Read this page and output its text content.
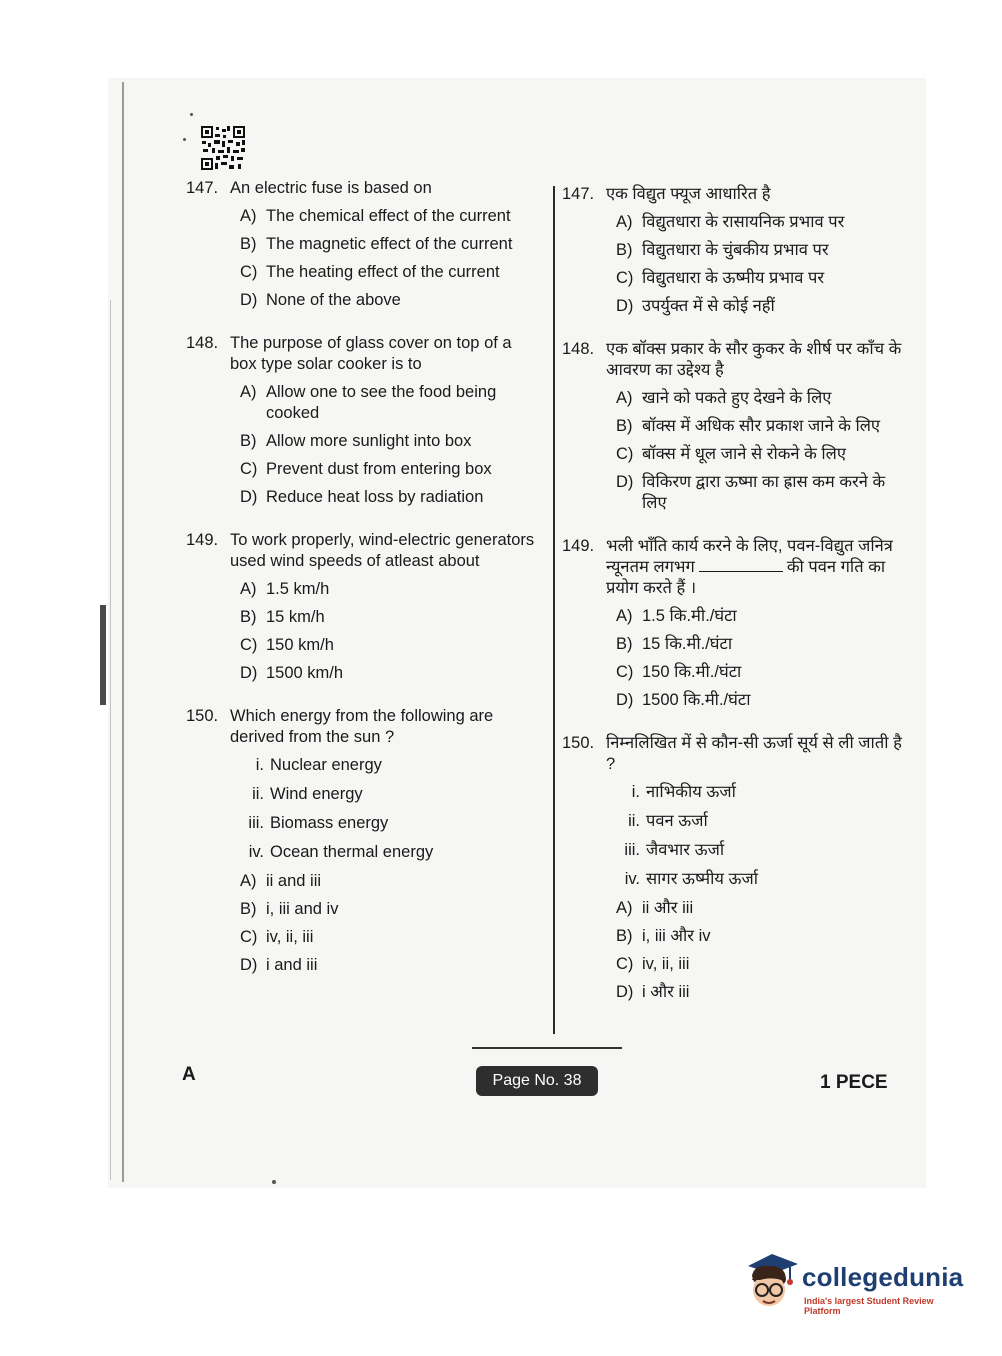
147. An electric fuse is based on
A) The chemical effect of the current
B) The magnetic effect of the current
C) The heating effect of the current
D) None of the above
148. The purpose of glass cover on top of a box type solar cooker is to
A) Allow one to see the food being cooked
B) Allow more sunlight into box
C) Prevent dust from entering box
D) Reduce heat loss by radiation
149. To work properly, wind-electric generators used wind speeds of atleast about
A) 1.5 km/h
B) 15 km/h
C) 150 km/h
D) 1500 km/h
150. Which energy from the following are derived from the sun ?
i. Nuclear energy
ii. Wind energy
iii. Biomass energy
iv. Ocean thermal energy
A) ii and iii
B) i, iii and iv
C) iv, ii, iii
D) i and iii
147. एक विद्युत फ्यूज आधारित है
A) विद्युतधारा के रासायनिक प्रभाव पर
B) विद्युतधारा के चुंबकीय प्रभाव पर
C) विद्युतधारा के ऊष्मीय प्रभाव पर
D) उपर्युक्त में से कोई नहीं
148. एक बॉक्स प्रकार के सौर कुकर के शीर्ष पर काँच के आवरण का उद्देश्य है
A) खाने को पकते हुए देखने के लिए
B) बॉक्स में अधिक सौर प्रकाश जाने के लिए
C) बॉक्स में धूल जाने से रोकने के लिए
D) विकिरण द्वारा ऊष्मा का ह्रास कम करने के लिए
149. भली भाँति कार्य करने के लिए, पवन-विद्युत जनित्र न्यूनतम लगभग	की पवन गति का प्रयोग करते हैं ।
A) 1.5 कि.मी./घंटा
B) 15 कि.मी./घंटा
C) 150 कि.मी./घंटा
D) 1500 कि.मी./घंटा
150. निम्नलिखित में से कौन-सी ऊर्जा सूर्य से ली जाती है ?
i. नाभिकीय ऊर्जा
ii. पवन ऊर्जा
iii. जैवभार ऊर्जा
iv. सागर ऊष्मीय ऊर्जा
A) ii और iii
B) i, iii और iv
C) iv, ii, iii
D) i और iii
A	Page No. 38	1 PECE
collegedunia
India's largest Student Review Platform
